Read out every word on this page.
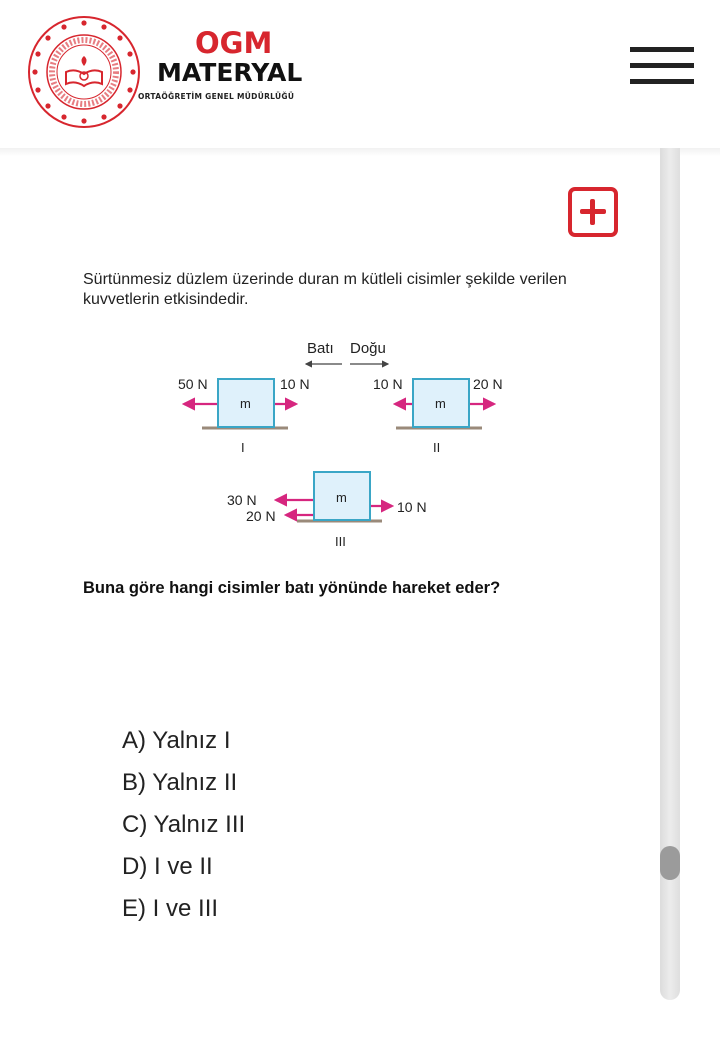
OGM
MATERYAL
ORTAÖĞRETİM GENEL MÜDÜRLÜĞÜ
Sürtünmesiz düzlem üzerinde duran m kütleli cisimler şekilde verilen kuvvetlerin etkisindedir.
Batı Doğu
m
50 N	10 N
I
m
10 N	20 N
II
m
30 N
20 N
10 N
III
Buna göre hangi cisimler batı yönünde hareket eder?
A) Yalnız I
B) Yalnız II
C) Yalnız III
D) I ve II
E) I ve III
